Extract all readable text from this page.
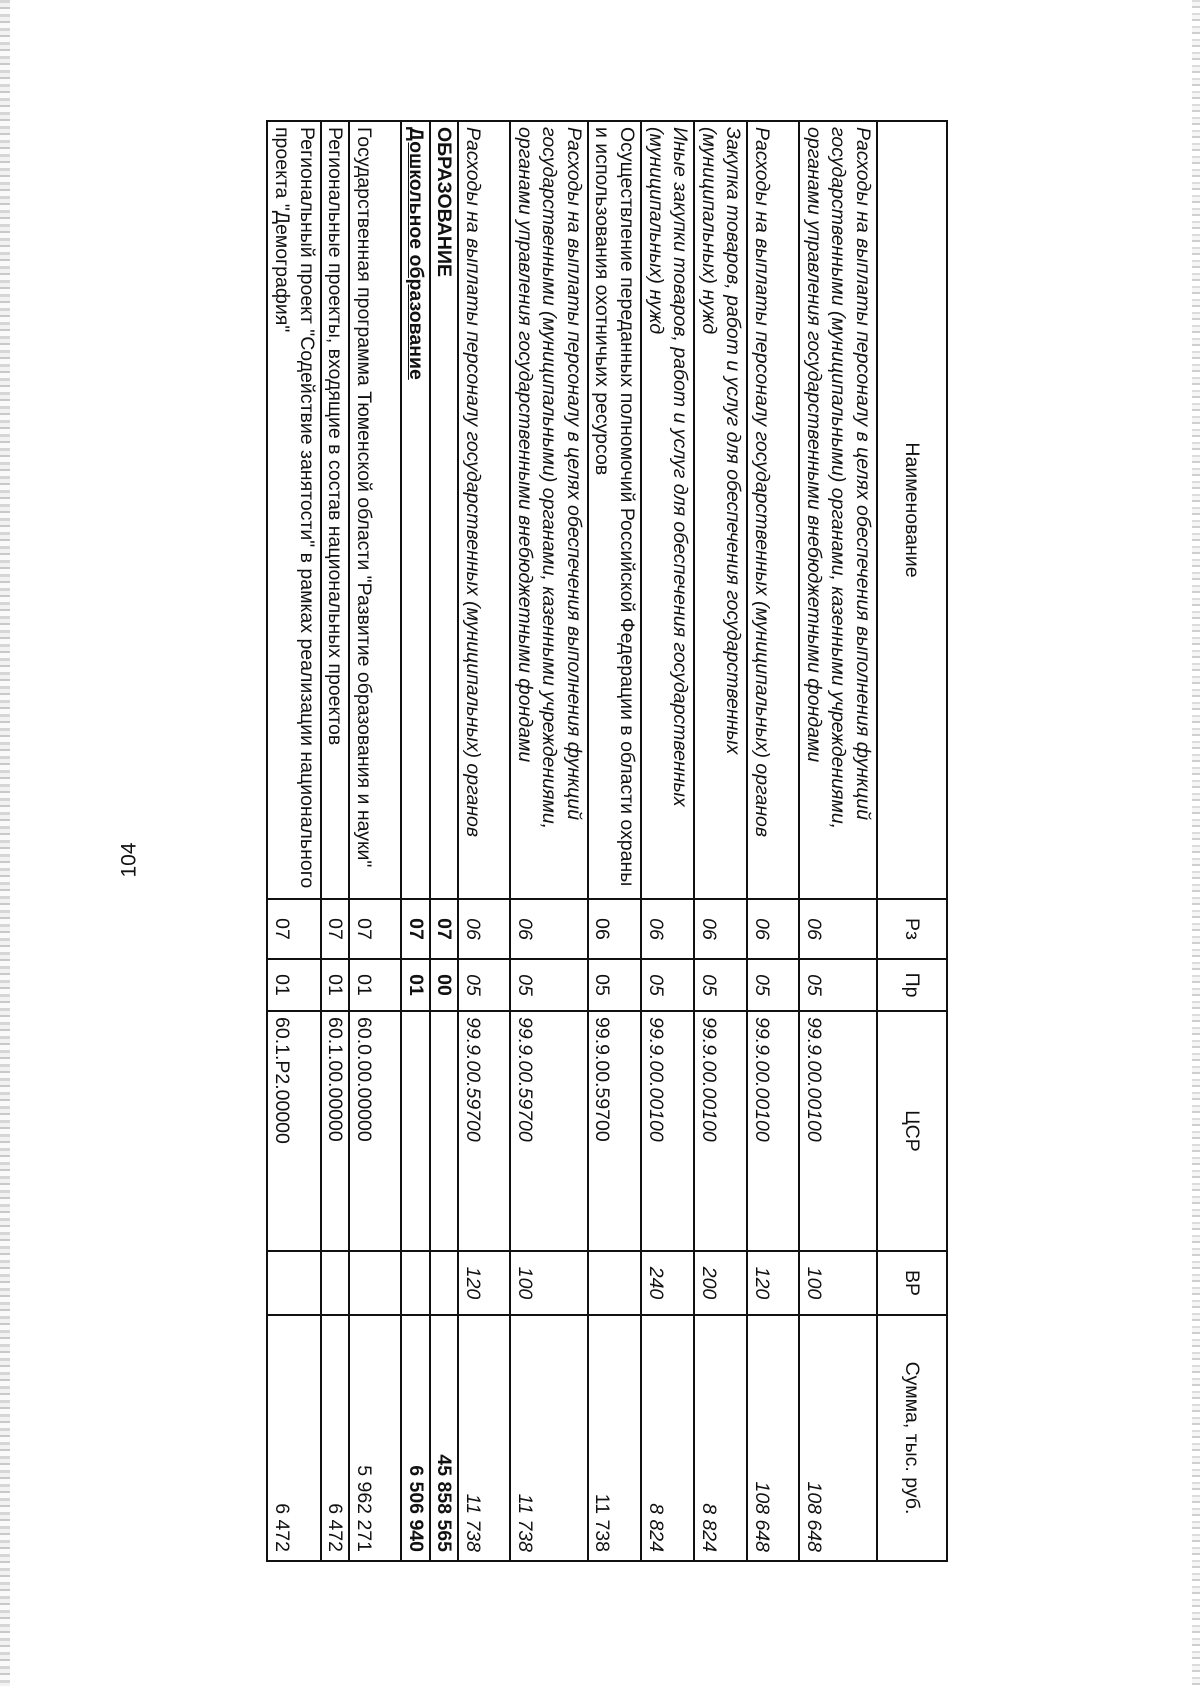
104
Наименование	Рз	Пр	ЦСР	ВР	Сумма, тыс. руб.
Расходы на выплаты персоналу в целях обеспечения выполнения функций государственными (муниципальными) органами, казенными учреждениями, органами управления государственными внебюджетными фондами	06	05	99.9.00.00100	100	108 648
Расходы на выплаты персоналу государственных (муниципальных) органов	06	05	99.9.00.00100	120	108 648
Закупка товаров, работ и услуг для обеспечения государственных (муниципальных) нужд	06	05	99.9.00.00100	200	8 824
Иные закупки товаров, работ и услуг для обеспечения государственных (муниципальных) нужд	06	05	99.9.00.00100	240	8 824
Осуществление переданных полномочий Российской Федерации в области охраны и использования охотничьих ресурсов	06	05	99.9.00.59700		11 738
Расходы на выплаты персоналу в целях обеспечения выполнения функций государственными (муниципальными) органами, казенными учреждениями, органами управления государственными внебюджетными фондами	06	05	99.9.00.59700	100	11 738
Расходы на выплаты персоналу государственных (муниципальных) органов	06	05	99.9.00.59700	120	11 738
ОБРАЗОВАНИЕ	07	00			45 858 565
Дошкольное образование	07	01			6 506 940
Государственная программа Тюменской области "Развитие образования и науки"	07	01	60.0.00.00000		5 962 271
Региональные проекты, входящие в состав национальных проектов	07	01	60.1.00.00000		6 472
Региональный проект "Содействие занятости" в рамках реализации национального проекта "Демография"	07	01	60.1.P2.00000		6 472
